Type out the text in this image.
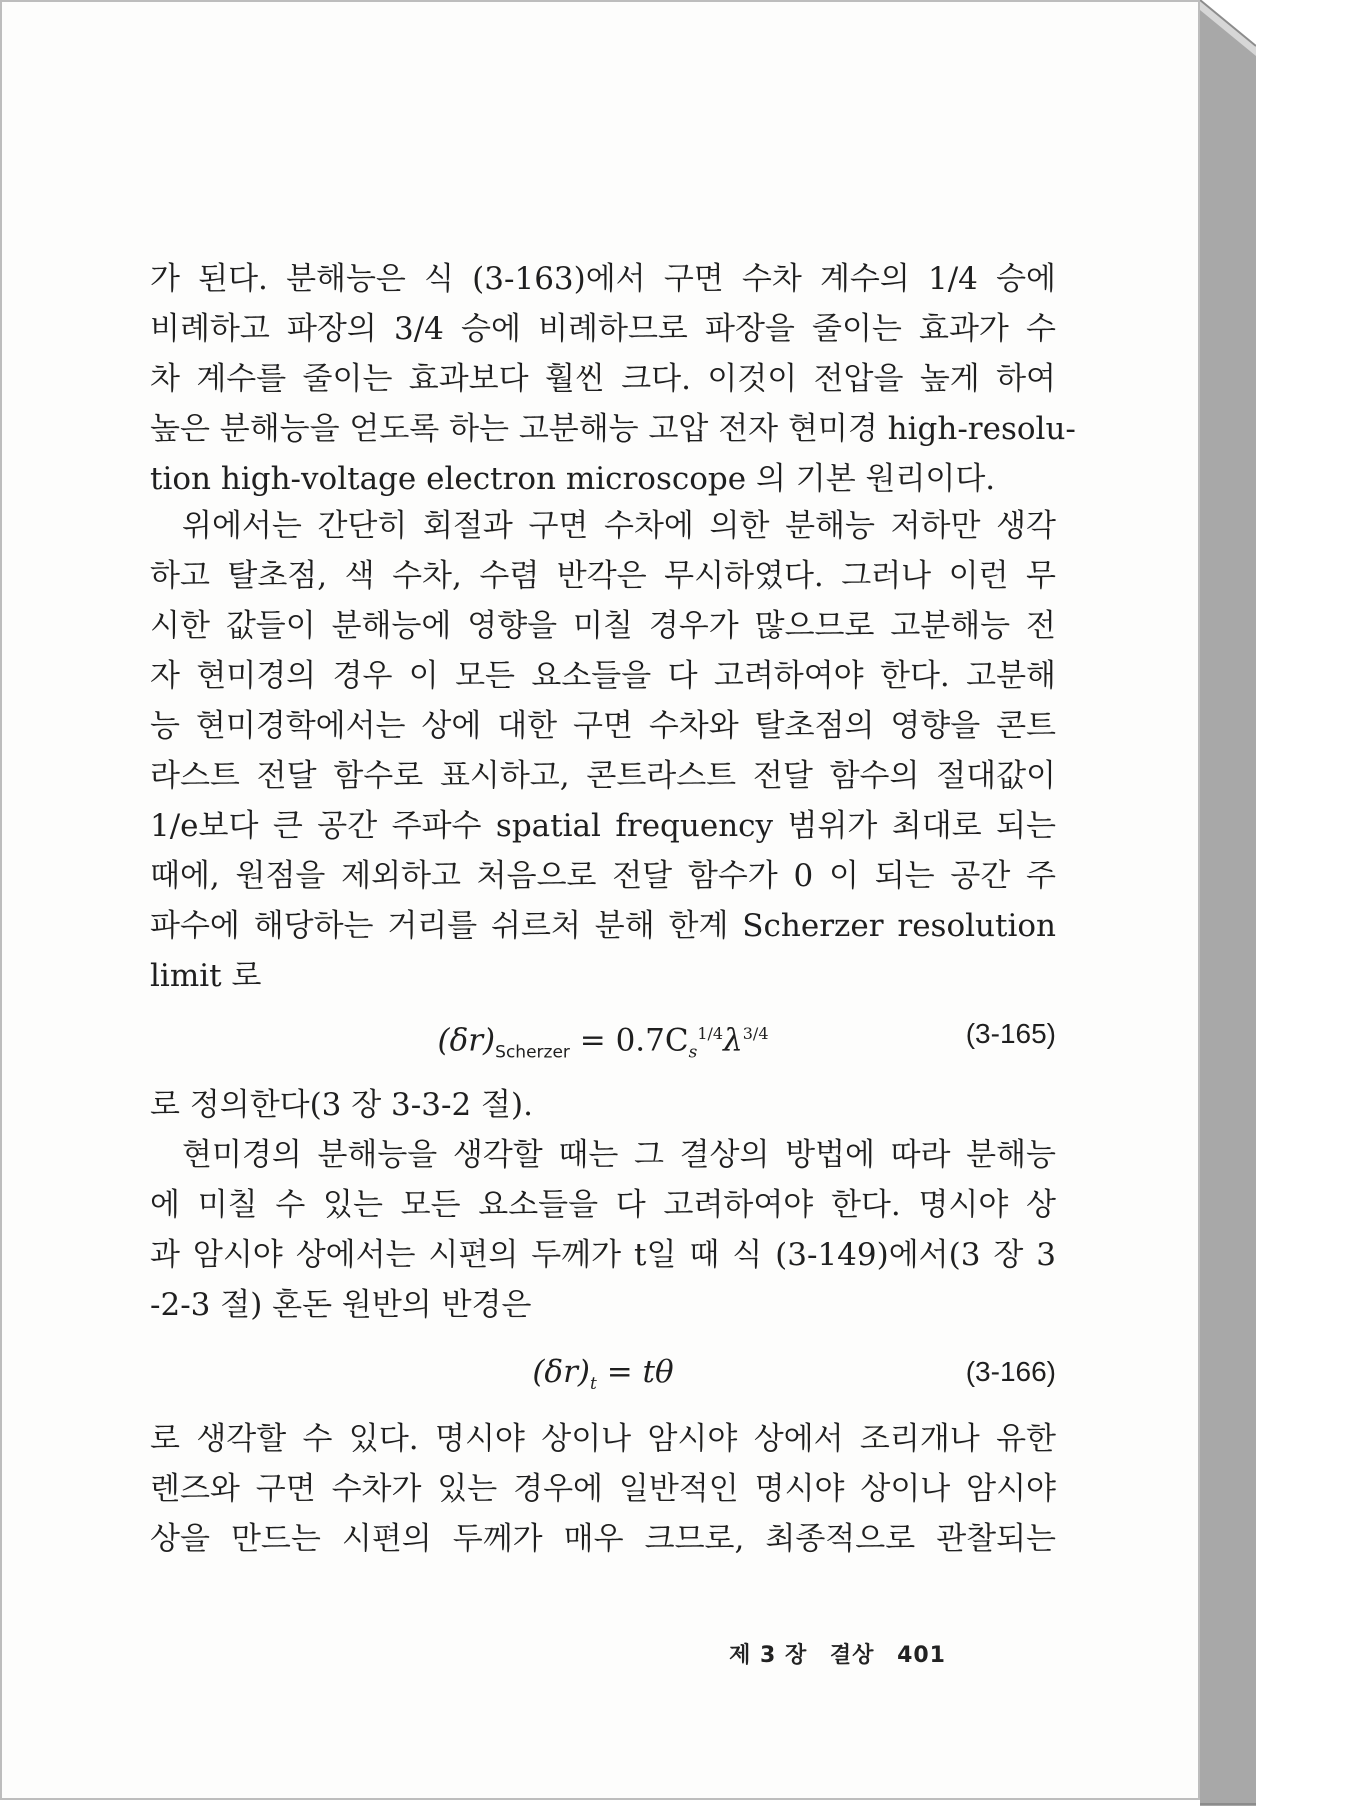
가 된다. 분해능은 식 (3-163)에서 구면 수차 계수의 1/4 승에
비례하고 파장의 3/4 승에 비례하므로 파장을 줄이는 효과가 수
차 계수를 줄이는 효과보다 훨씬 크다. 이것이 전압을 높게 하여
높은 분해능을 얻도록 하는 고분해능 고압 전자 현미경 high-resolu-
tion high-voltage electron microscope 의 기본 원리이다.
위에서는 간단히 회절과 구면 수차에 의한 분해능 저하만 생각
하고 탈초점, 색 수차, 수렴 반각은 무시하였다. 그러나 이런 무
시한 값들이 분해능에 영향을 미칠 경우가 많으므로 고분해능 전
자 현미경의 경우 이 모든 요소들을 다 고려하여야 한다. 고분해
능 현미경학에서는 상에 대한 구면 수차와 탈초점의 영향을 콘트
라스트 전달 함수로 표시하고, 콘트라스트 전달 함수의 절대값이
1/e보다 큰 공간 주파수 spatial frequency 범위가 최대로 되는
때에, 원점을 제외하고 처음으로 전달 함수가 0 이 되는 공간 주
파수에 해당하는 거리를 쉬르처 분해 한계 Scherzer resolution
limit 로
$(\delta r)_{Scherzer} = 0.7C_s^{1/4}\lambda^{3/4}$	(3-165)
로 정의한다(3 장 3-3-2 절).
현미경의 분해능을 생각할 때는 그 결상의 방법에 따라 분해능
에 미칠 수 있는 모든 요소들을 다 고려하여야 한다. 명시야 상
과 암시야 상에서는 시편의 두께가 t일 때 식 (3-149)에서(3 장 3
-2-3 절) 혼돈 원반의 반경은
$(\delta r)_t = t\theta$	(3-166)
로 생각할 수 있다. 명시야 상이나 암시야 상에서 조리개나 유한
렌즈와 구면 수차가 있는 경우에 일반적인 명시야 상이나 암시야
상을 만드는 시편의 두께가 매우 크므로, 최종적으로 관찰되는
제 3 장 결상 401
